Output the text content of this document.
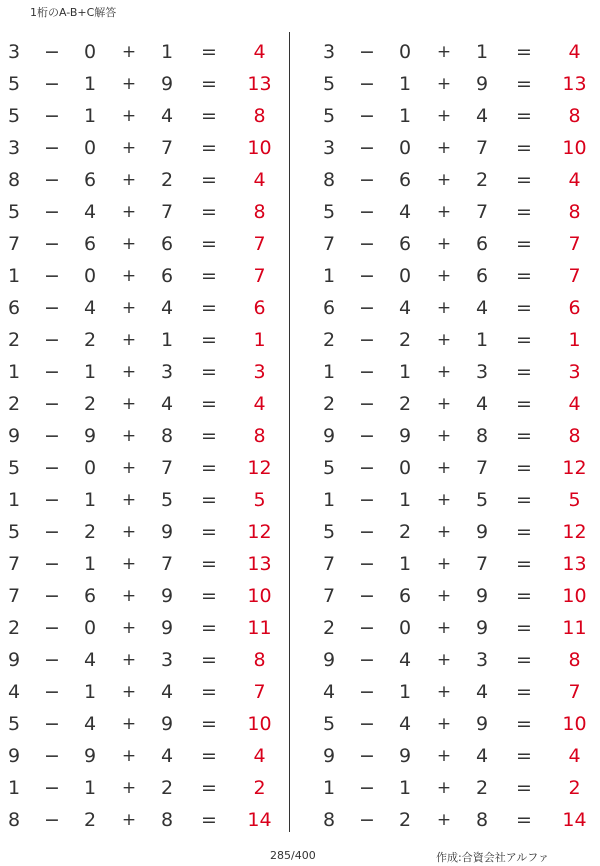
1桁のA-B+C解答
3	−	0	+	1	=	4
5	−	1	+	9	=	13
5	−	1	+	4	=	8
3	−	0	+	7	=	10
8	−	6	+	2	=	4
5	−	4	+	7	=	8
7	−	6	+	6	=	7
1	−	0	+	6	=	7
6	−	4	+	4	=	6
2	−	2	+	1	=	1
1	−	1	+	3	=	3
2	−	2	+	4	=	4
9	−	9	+	8	=	8
5	−	0	+	7	=	12
1	−	1	+	5	=	5
5	−	2	+	9	=	12
7	−	1	+	7	=	13
7	−	6	+	9	=	10
2	−	0	+	9	=	11
9	−	4	+	3	=	8
4	−	1	+	4	=	7
5	−	4	+	9	=	10
9	−	9	+	4	=	4
1	−	1	+	2	=	2
8	−	2	+	8	=	14
3	−	0	+	1	=	4
5	−	1	+	9	=	13
5	−	1	+	4	=	8
3	−	0	+	7	=	10
8	−	6	+	2	=	4
5	−	4	+	7	=	8
7	−	6	+	6	=	7
1	−	0	+	6	=	7
6	−	4	+	4	=	6
2	−	2	+	1	=	1
1	−	1	+	3	=	3
2	−	2	+	4	=	4
9	−	9	+	8	=	8
5	−	0	+	7	=	12
1	−	1	+	5	=	5
5	−	2	+	9	=	12
7	−	1	+	7	=	13
7	−	6	+	9	=	10
2	−	0	+	9	=	11
9	−	4	+	3	=	8
4	−	1	+	4	=	7
5	−	4	+	9	=	10
9	−	9	+	4	=	4
1	−	1	+	2	=	2
8	−	2	+	8	=	14
285/400	作成:合資会社アルファ
